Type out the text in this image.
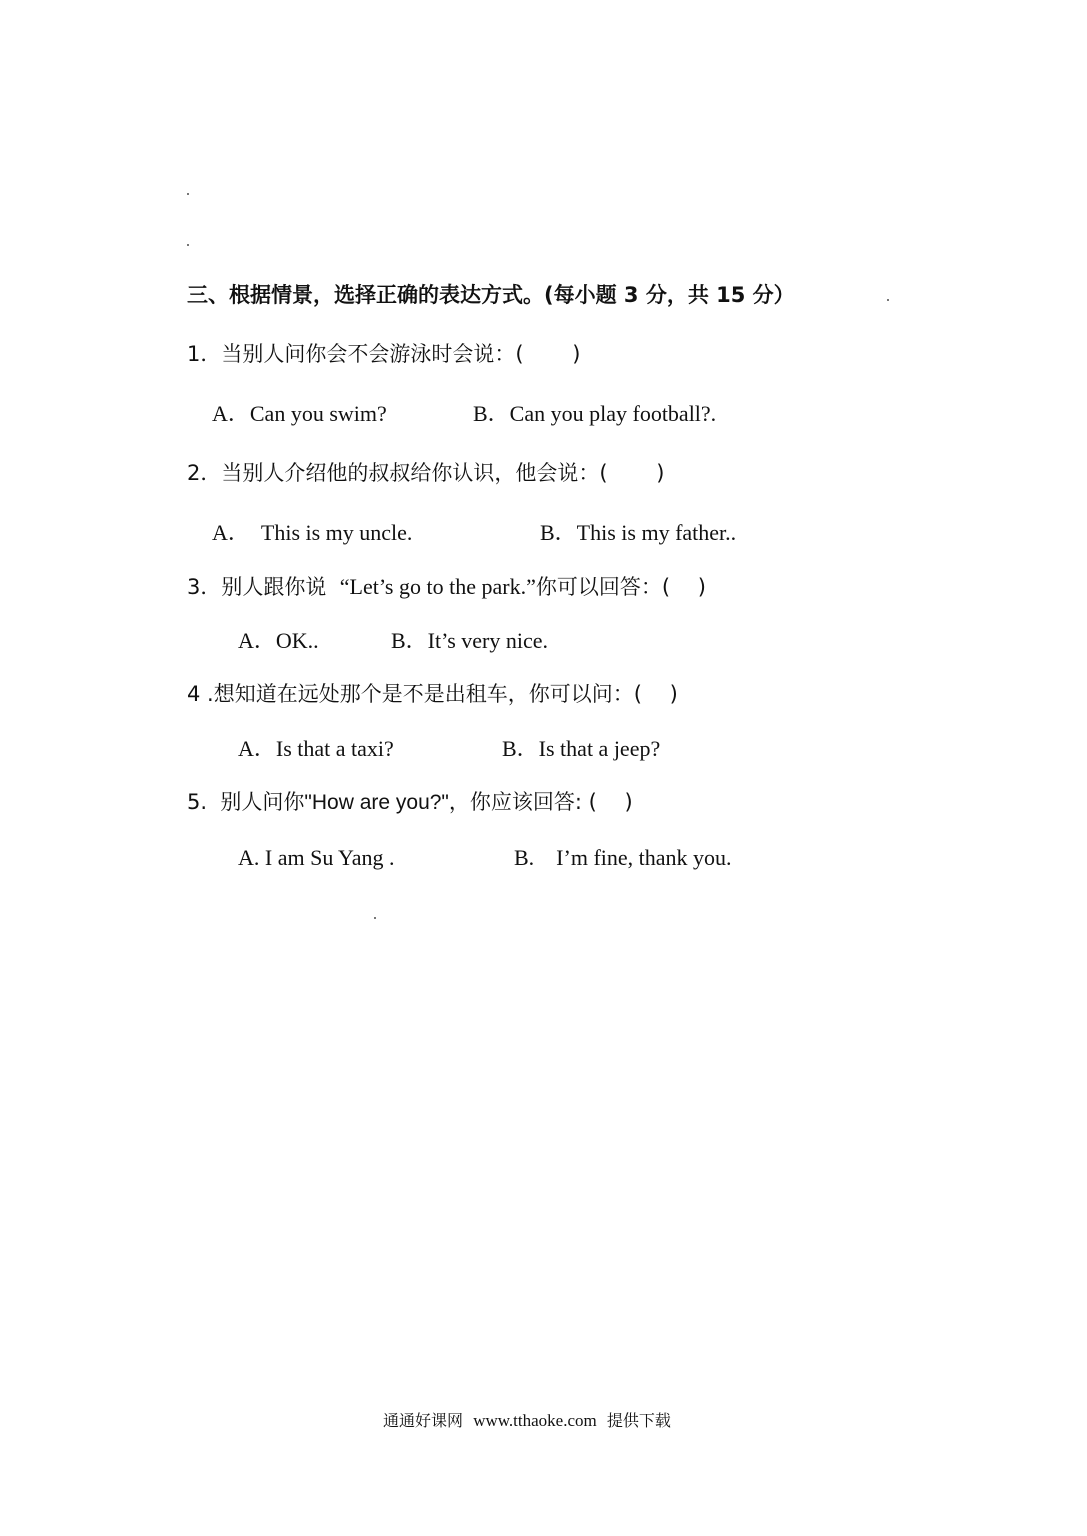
三、根据情景，选择正确的表达方式。(每小题 3 分，共 15 分）
1．当别人问你会不会游泳时会说：(　　 )
A．Can you swim?	B．Can you play football?.
2．当别人介绍他的叔叔给你认识，他会说：(　　 )
A．　This is my uncle.	B．This is my father..
3．别人跟你说 “Let’s go to the park.”你可以回答：(　 )
A．OK..	B．It’s very nice.
4 .想知道在远处那个是不是出租车，你可以问：(　 )
A．Is that a taxi?	B．Is that a jeep?
5. 别人问你"How are you?"，你应该回答: (　 )
A. I am Su Yang .	B.　I’m fine, thank you.
通通好课网 www.tthaoke.com 提供下载
